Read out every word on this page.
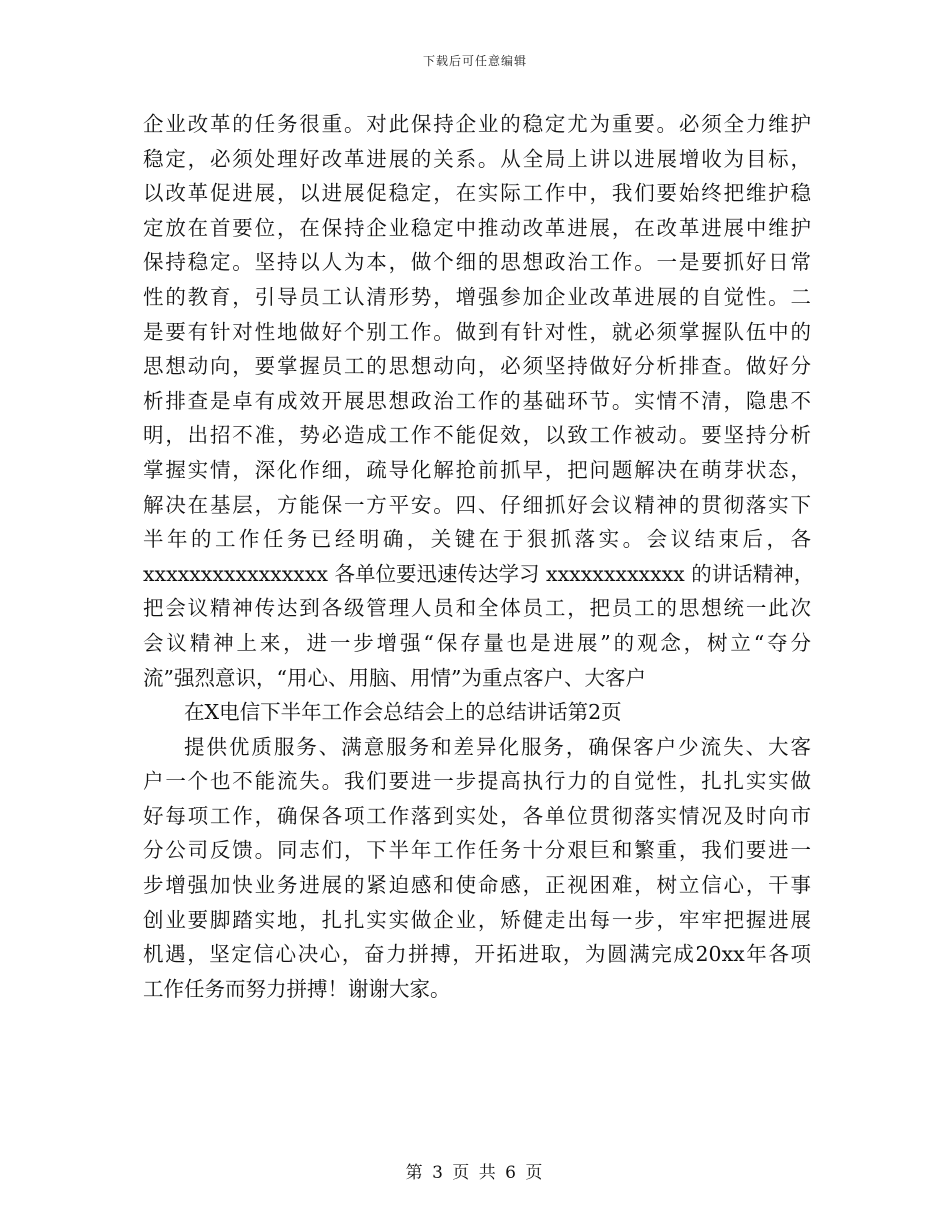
下载后可任意编辑
企业改革的任务很重。对此保持企业的稳定尤为重要。必须全力维护
稳定，必须处理好改革进展的关系。从全局上讲以进展增收为目标，
以改革促进展，以进展促稳定，在实际工作中，我们要始终把维护稳
定放在首要位，在保持企业稳定中推动改革进展，在改革进展中维护
保持稳定。坚持以人为本，做个细的思想政治工作。一是要抓好日常
性的教育，引导员工认清形势，增强参加企业改革进展的自觉性。二
是要有针对性地做好个别工作。做到有针对性，就必须掌握队伍中的
思想动向，要掌握员工的思想动向，必须坚持做好分析排查。做好分
析排查是卓有成效开展思想政治工作的基础环节。实情不清，隐患不
明，出招不准，势必造成工作不能促效，以致工作被动。要坚持分析
掌握实情，深化作细，疏导化解抢前抓早，把问题解决在萌芽状态，
解决在基层，方能保一方平安。四、仔细抓好会议精神的贯彻落实下
半年的工作任务已经明确，关键在于狠抓落实。会议结束后，各
xxxxxxxxxxxxxxxx 各单位要迅速传达学习 xxxxxxxxxxxx 的讲话精神，
把会议精神传达到各级管理人员和全体员工，把员工的思想统一此次
会议精神上来，进一步增强“保存量也是进展”的观念，树立“夺分
流”强烈意识，“用心、用脑、用情”为重点客户、大客户
在X电信下半年工作会总结会上的总结讲话第2页
提供优质服务、满意服务和差异化服务，确保客户少流失、大客
户一个也不能流失。我们要进一步提高执行力的自觉性，扎扎实实做
好每项工作，确保各项工作落到实处，各单位贯彻落实情况及时向市
分公司反馈。同志们，下半年工作任务十分艰巨和繁重，我们要进一
步增强加快业务进展的紧迫感和使命感，正视困难，树立信心，干事
创业要脚踏实地，扎扎实实做企业，矫健走出每一步，牢牢把握进展
机遇，坚定信心决心，奋力拼搏，开拓进取，为圆满完成20xx年各项
工作任务而努力拼搏！谢谢大家。
第 3 页 共 6 页
